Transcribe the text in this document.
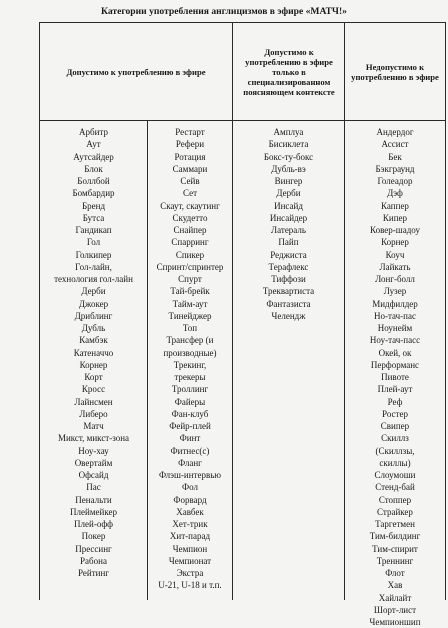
Категории употребления англицизмов в эфире «МАТЧ!»
Допустимо к употреблению в эфире
Допустимо к употреблению в эфире только в специализированном поясняющем контексте
Недопустимо к употреблению в эфире
Арбитр
Аут
Аутсайдер
Блок
Боллбой
Бомбардир
Бренд
Бутса
Гандикап
Гол
Голкипер
Гол-лайн,
технология гол-лайн
Дерби
Джокер
Дриблинг
Дубль
Камбэк
Катеначчо
Корнер
Корт
Кросс
Лайнсмен
Либеро
Матч
Микст, микст-зона
Ноу-хау
Овертайм
Офсайд
Пас
Пенальти
Плеймейкер
Плей-офф
Покер
Прессинг
Рабона
Рейтинг
Рестарт
Рефери
Ротация
Саммари
Сейв
Сет
Скаут, скаутинг
Скудетто
Снайпер
Спарринг
Спикер
Спринт/спринтер
Спурт
Тай-брейк
Тайм-аут
Тинейджер
Топ
Трансфер (и
производные)
Трекинг,
трекеры
Троллинг
Файеры
Фан-клуб
Фейр-плей
Финт
Фитнес(с)
Фланг
Флэш-интервью
Фол
Форвард
Хавбек
Хет-трик
Хит-парад
Чемпион
Чемпионат
Экстра
U-21, U-18 и т.п.
Амплуа
Бисиклета
Бокс-ту-бокс
Дубль-вэ
Вингер
Дерби
Инсайд
Инсайдер
Латераль
Пайп
Реджиста
Терафлекс
Тиффози
Треквартиста
Фантазиста
Челендж
Андердог
Ассист
Бек
Бэкграунд
Голеадор
Дэф
Каппер
Кипер
Ковер-шадоу
Корнер
Коуч
Лайкать
Лонг-болл
Лузер
Мидфилдер
Но-тач-пас
Ноунейм
Ноу-тач-пасс
Окей, ок
Перформанс
Пивоте
Плей-аут
Реф
Ростер
Свипер
Скиллз
(Скиллзы,
скиллы)
Слоумоши
Стенд-бай
Стоппер
Страйкер
Таргетмен
Тим-билдинг
Тим-спирит
Треннинг
Флот
Хав
Хайлайт
Шорт-лист
Чемпионшип
